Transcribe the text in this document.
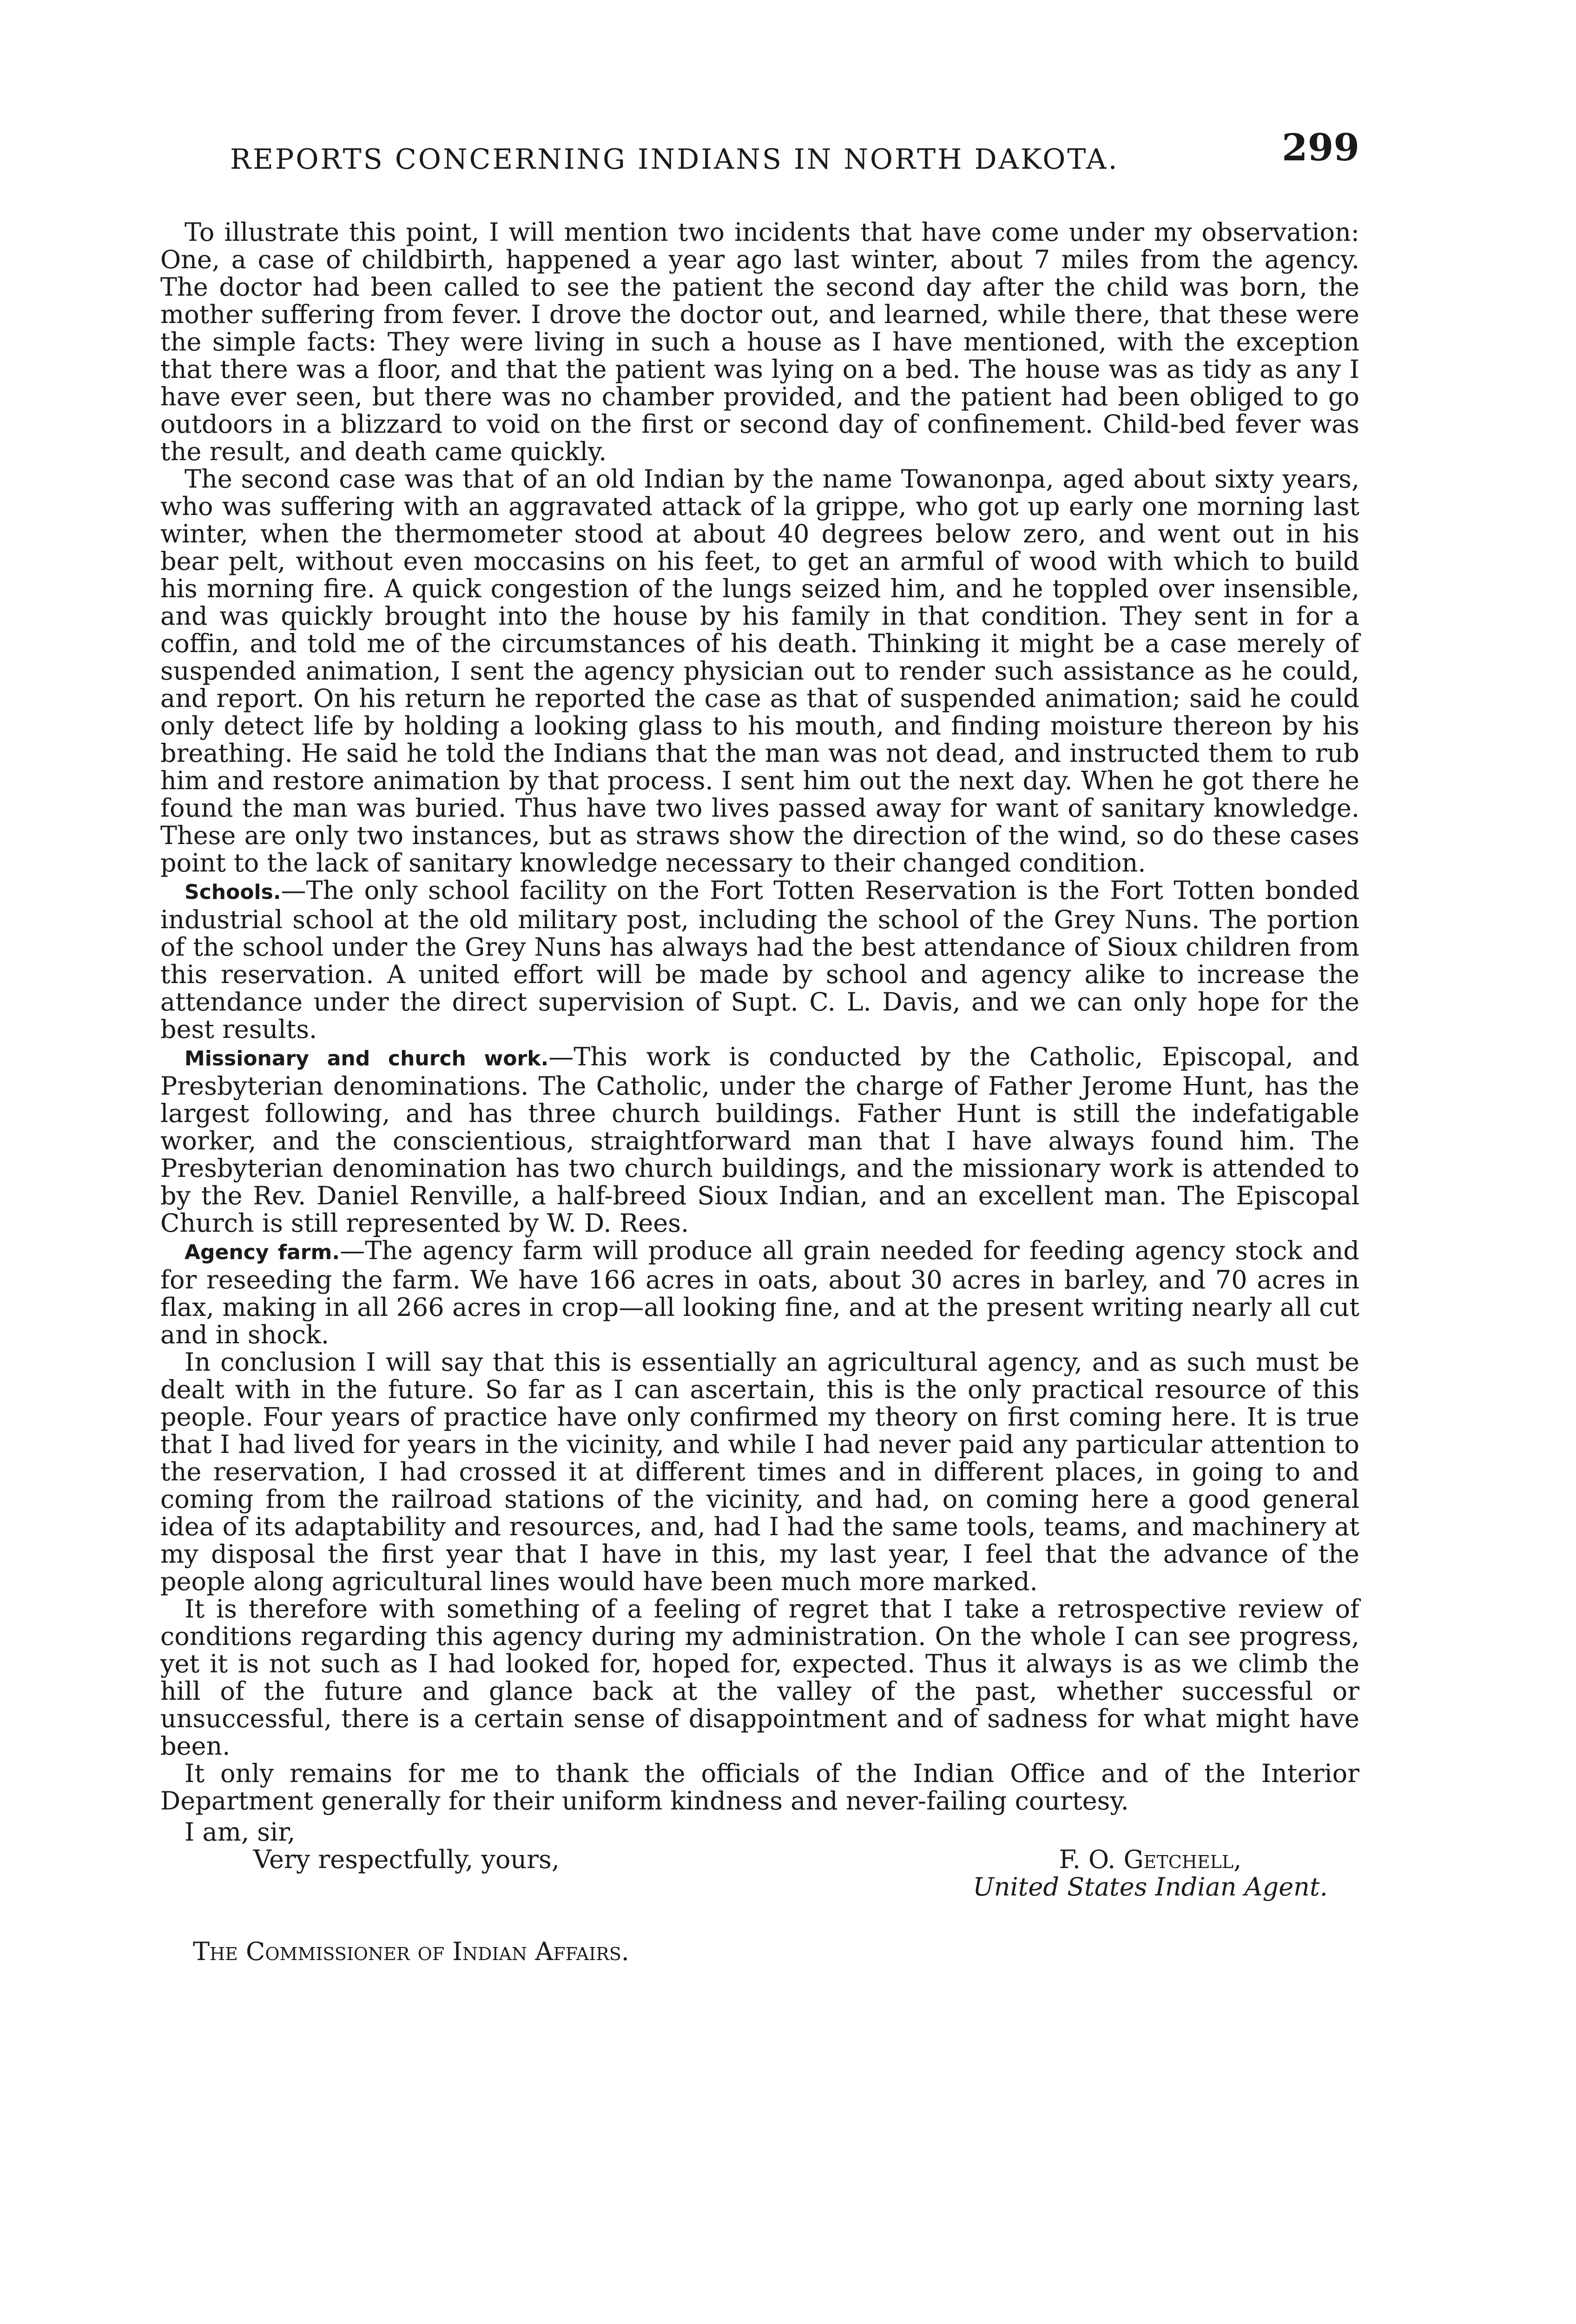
REPORTS CONCERNING INDIANS IN NORTH DAKOTA.	299

To illustrate this point, I will mention two incidents that have come under my observation: One, a case of childbirth, happened a year ago last winter, about 7 miles from the agency. The doctor had been called to see the patient the second day after the child was born, the mother suffering from fever. I drove the doctor out, and learned, while there, that these were the simple facts: They were living in such a house as I have mentioned, with the exception that there was a floor, and that the patient was lying on a bed. The house was as tidy as any I have ever seen, but there was no chamber provided, and the patient had been obliged to go outdoors in a blizzard to void on the first or second day of confinement. Child-bed fever was the result, and death came quickly.

The second case was that of an old Indian by the name Towanonpa, aged about sixty years, who was suffering with an aggravated attack of la grippe, who got up early one morning last winter, when the thermometer stood at about 40 degrees below zero, and went out in his bear pelt, without even moccasins on his feet, to get an armful of wood with which to build his morning fire. A quick congestion of the lungs seized him, and he toppled over insensible, and was quickly brought into the house by his family in that condition. They sent in for a coffin, and told me of the circumstances of his death. Thinking it might be a case merely of suspended animation, I sent the agency physician out to render such assistance as he could, and report. On his return he reported the case as that of suspended animation; said he could only detect life by holding a looking glass to his mouth, and finding moisture thereon by his breathing. He said he told the Indians that the man was not dead, and instructed them to rub him and restore animation by that process. I sent him out the next day. When he got there he found the man was buried. Thus have two lives passed away for want of sanitary knowledge. These are only two instances, but as straws show the direction of the wind, so do these cases point to the lack of sanitary knowledge necessary to their changed condition.

Schools.—The only school facility on the Fort Totten Reservation is the Fort Totten bonded industrial school at the old military post, including the school of the Grey Nuns. The portion of the school under the Grey Nuns has always had the best attendance of Sioux children from this reservation. A united effort will be made by school and agency alike to increase the attendance under the direct supervision of Supt. C. L. Davis, and we can only hope for the best results.

Missionary and church work.—This work is conducted by the Catholic, Episcopal, and Presbyterian denominations. The Catholic, under the charge of Father Jerome Hunt, has the largest following, and has three church buildings. Father Hunt is still the indefatigable worker, and the conscientious, straightforward man that I have always found him. The Presbyterian denomination has two church buildings, and the missionary work is attended to by the Rev. Daniel Renville, a half-breed Sioux Indian, and an excellent man. The Episcopal Church is still represented by W. D. Rees.

Agency farm.—The agency farm will produce all grain needed for feeding agency stock and for reseeding the farm. We have 166 acres in oats, about 30 acres in barley, and 70 acres in flax, making in all 266 acres in crop—all looking fine, and at the present writing nearly all cut and in shock.

In conclusion I will say that this is essentially an agricultural agency, and as such must be dealt with in the future. So far as I can ascertain, this is the only practical resource of this people. Four years of practice have only confirmed my theory on first coming here. It is true that I had lived for years in the vicinity, and while I had never paid any particular attention to the reservation, I had crossed it at different times and in different places, in going to and coming from the railroad stations of the vicinity, and had, on coming here a good general idea of its adaptability and resources, and, had I had the same tools, teams, and machinery at my disposal the first year that I have in this, my last year, I feel that the advance of the people along agricultural lines would have been much more marked.

It is therefore with something of a feeling of regret that I take a retrospective review of conditions regarding this agency during my administration. On the whole I can see progress, yet it is not such as I had looked for, hoped for, expected. Thus it always is as we climb the hill of the future and glance back at the valley of the past, whether successful or unsuccessful, there is a certain sense of disappointment and of sadness for what might have been.

It only remains for me to thank the officials of the Indian Office and of the Interior Department generally for their uniform kindness and never-failing courtesy.

I am, sir,
Very respectfully, yours,	F. O. Getchell,
United States Indian Agent.
The Commissioner of Indian Affairs.
